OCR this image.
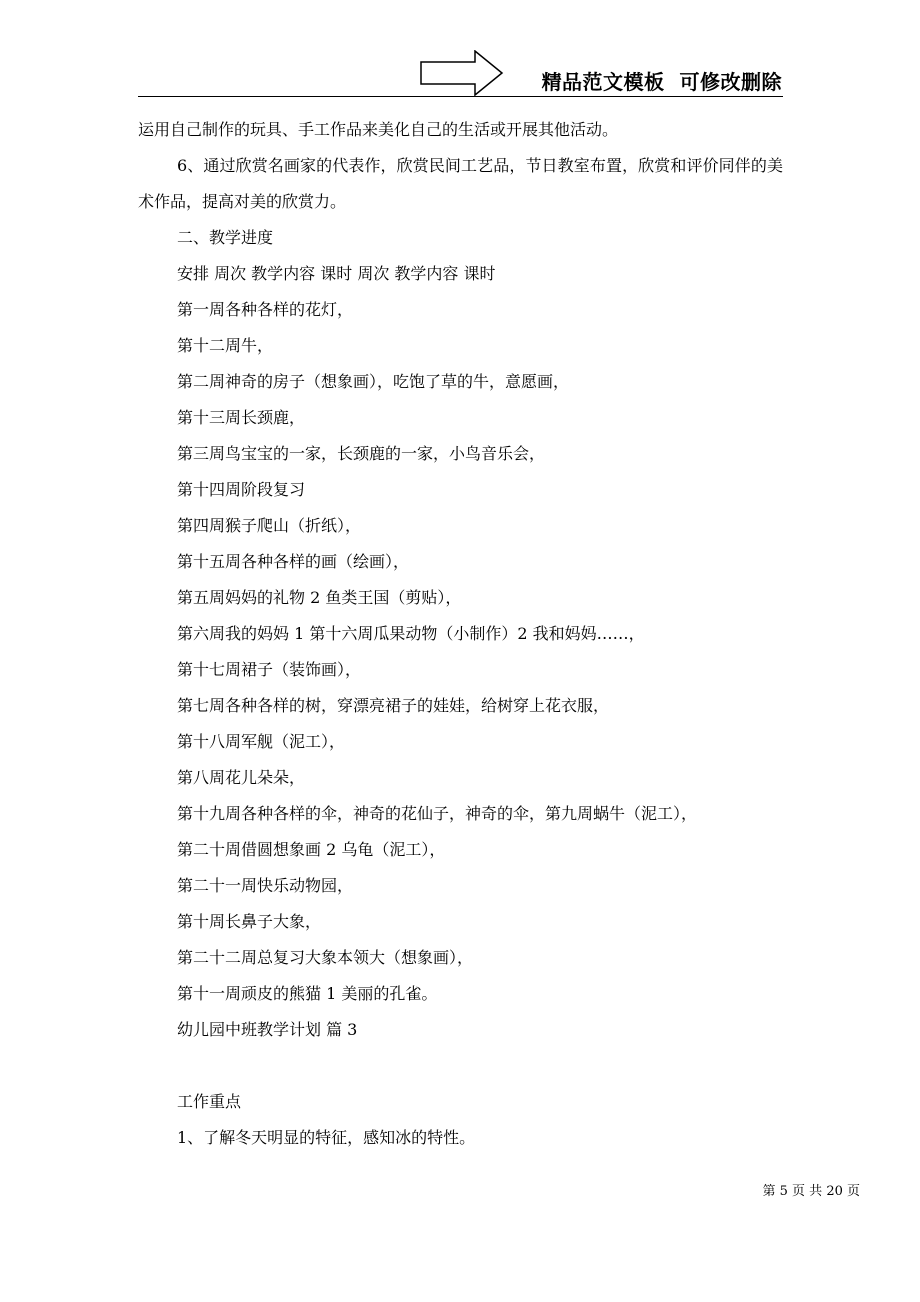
精品范文模板  可修改删除

运用自己制作的玩具、手工作品来美化自己的生活或开展其他活动。

6、通过欣赏名画家的代表作，欣赏民间工艺品，节日教室布置，欣赏和评价同伴的美术作品，提高对美的欣赏力。

二、教学进度

安排 周次 教学内容 课时 周次 教学内容 课时

第一周各种各样的花灯，

第十二周牛，

第二周神奇的房子（想象画），吃饱了草的牛，意愿画，

第十三周长颈鹿，

第三周鸟宝宝的一家，长颈鹿的一家，小鸟音乐会，

第十四周阶段复习

第四周猴子爬山（折纸），

第十五周各种各样的画（绘画），

第五周妈妈的礼物 2 鱼类王国（剪贴），

第六周我的妈妈 1 第十六周瓜果动物（小制作）2 我和妈妈……，

第十七周裙子（装饰画），

第七周各种各样的树，穿漂亮裙子的娃娃，给树穿上花衣服，

第十八周军舰（泥工），

第八周花儿朵朵，

第十九周各种各样的伞，神奇的花仙子，神奇的伞，第九周蜗牛（泥工），

第二十周借圆想象画 2 乌龟（泥工），

第二十一周快乐动物园，

第十周长鼻子大象，

第二十二周总复习大象本领大（想象画），

第十一周顽皮的熊猫 1 美丽的孔雀。

幼儿园中班教学计划 篇 3

工作重点

1、了解冬天明显的特征，感知冰的特性。

第 5 页 共 20 页
